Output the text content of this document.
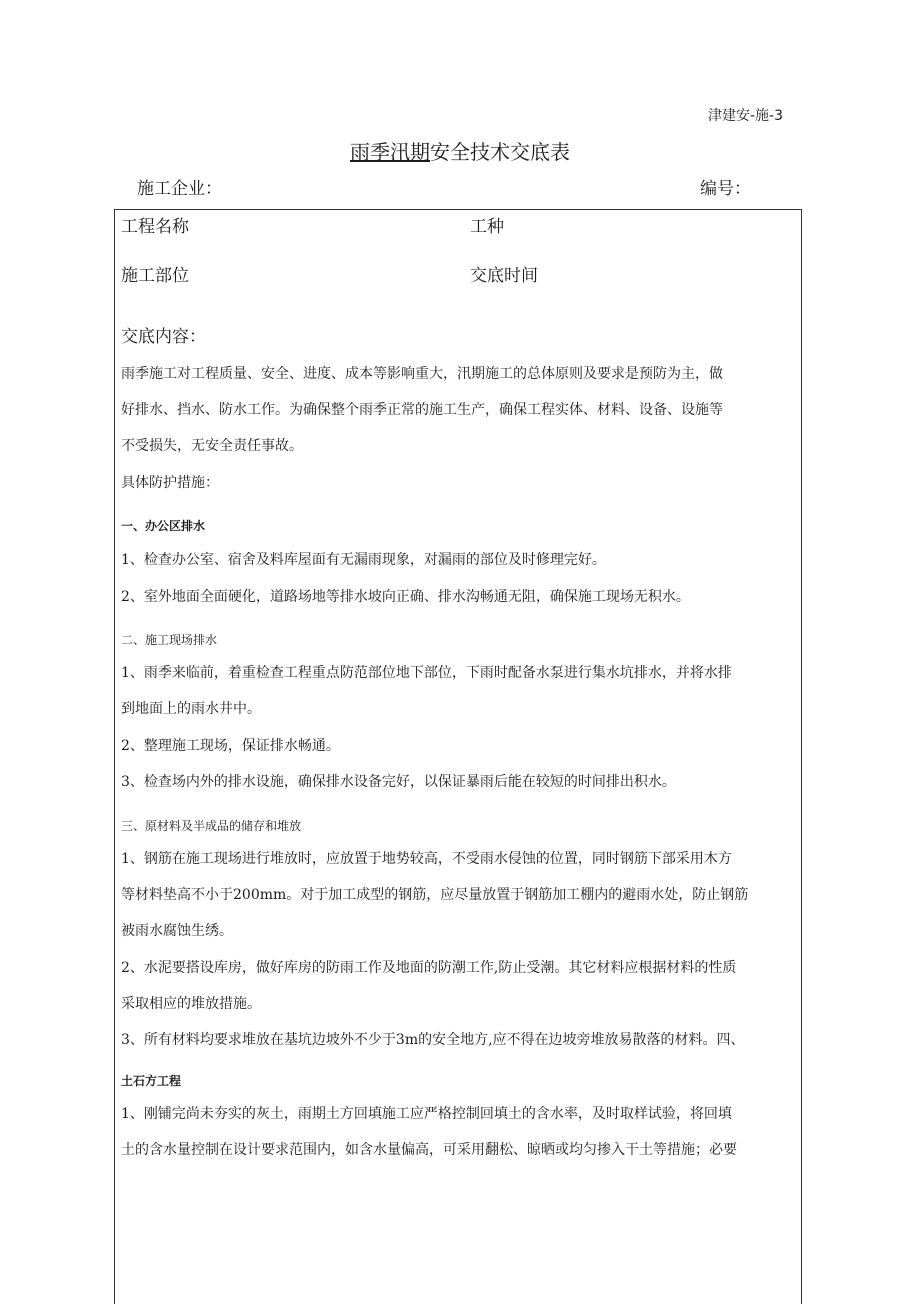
津建安-施-3
雨季汛期安全技术交底表
施工企业：	编号：
工程名称	工种
施工部位	交底时间
交底内容：
雨季施工对工程质量、安全、进度、成本等影响重大，汛期施工的总体原则及要求是预防为主，做
好排水、挡水、防水工作。为确保整个雨季正常的施工生产，确保工程实体、材料、设备、设施等
不受损失，无安全责任事故。
具体防护措施：
一、办公区排水
1、检查办公室、宿舍及料库屋面有无漏雨现象，对漏雨的部位及时修理完好。
2、室外地面全面硬化，道路场地等排水坡向正确、排水沟畅通无阻，确保施工现场无积水。
二、施工现场排水
1、雨季来临前，着重检查工程重点防范部位地下部位，下雨时配备水泵进行集水坑排水，并将水排
到地面上的雨水井中。
2、整理施工现场，保证排水畅通。
3、检查场内外的排水设施，确保排水设备完好，以保证暴雨后能在较短的时间排出积水。
三、原材料及半成品的储存和堆放
1、钢筋在施工现场进行堆放时，应放置于地势较高，不受雨水侵蚀的位置，同时钢筋下部采用木方
等材料垫高不小于200mm。对于加工成型的钢筋，应尽量放置于钢筋加工棚内的避雨水处，防止钢筋
被雨水腐蚀生绣。
2、水泥要搭设库房，做好库房的防雨工作及地面的防潮工作,防止受潮。其它材料应根据材料的性质
采取相应的堆放措施。
3、所有材料均要求堆放在基坑边坡外不少于3m的安全地方,应不得在边坡旁堆放易散落的材料。四、
土石方工程
1、刚铺完尚未夯实的灰土，雨期土方回填施工应严格控制回填土的含水率，及时取样试验，将回填
土的含水量控制在设计要求范围内，如含水量偏高，可采用翻松、晾晒或均匀掺入干土等措施；必要
